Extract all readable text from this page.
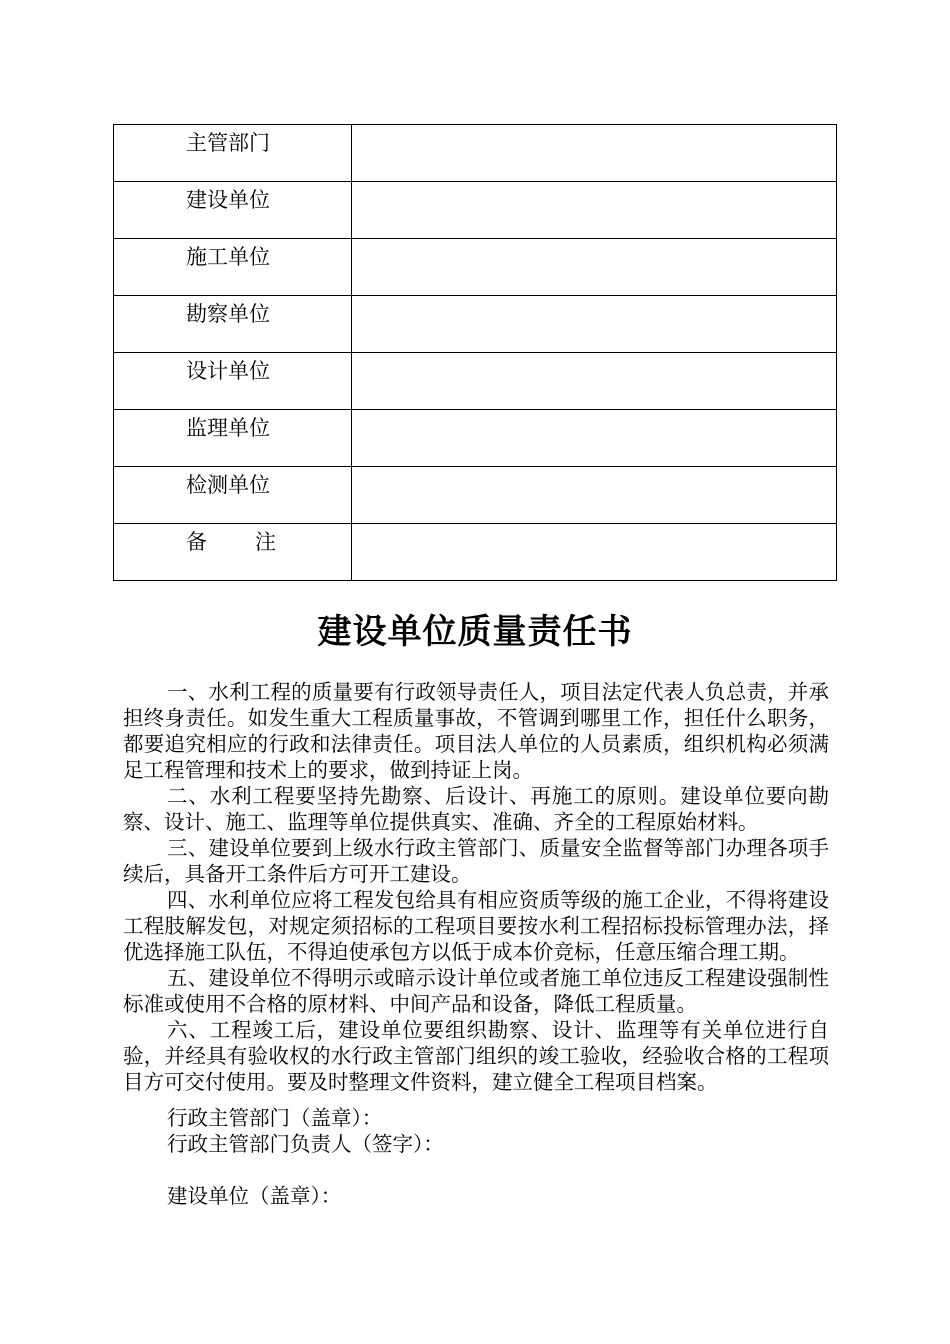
主管部门	
建设单位	
施工单位	
勘察单位	
设计单位	
监理单位	
检测单位	
备　　注	
建设单位质量责任书

一、水利工程的质量要有行政领导责任人，项目法定代表人负总责，并承担终身责任。如发生重大工程质量事故，不管调到哪里工作，担任什么职务，都要追究相应的行政和法律责任。项目法人单位的人员素质，组织机构必须满足工程管理和技术上的要求，做到持证上岗。

二、水利工程要坚持先勘察、后设计、再施工的原则。建设单位要向勘察、设计、施工、监理等单位提供真实、准确、齐全的工程原始材料。

三、建设单位要到上级水行政主管部门、质量安全监督等部门办理各项手续后，具备开工条件后方可开工建设。

四、水利单位应将工程发包给具有相应资质等级的施工企业，不得将建设工程肢解发包，对规定须招标的工程项目要按水利工程招标投标管理办法，择优选择施工队伍，不得迫使承包方以低于成本价竞标，任意压缩合理工期。

五、建设单位不得明示或暗示设计单位或者施工单位违反工程建设强制性标准或使用不合格的原材料、中间产品和设备，降低工程质量。

六、工程竣工后，建设单位要组织勘察、设计、监理等有关单位进行自验，并经具有验收权的水行政主管部门组织的竣工验收，经验收合格的工程项目方可交付使用。要及时整理文件资料，建立健全工程项目档案。

行政主管部门（盖章）：
行政主管部门负责人（签字）：
建设单位（盖章）：
